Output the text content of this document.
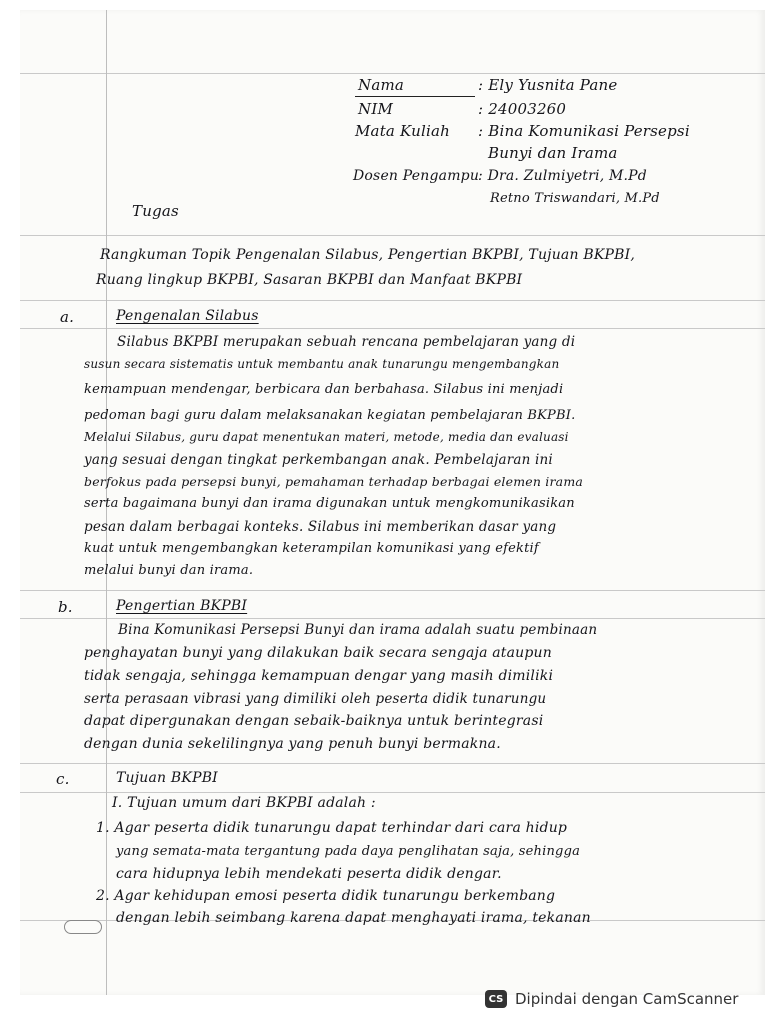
Nama	: Ely Yusnita Pane
NIM	: 24003260
Mata Kuliah : Bina Komunikasi Persepsi
Bunyi dan Irama
Dosen Pengampu
: Dra. Zulmiyetri, M.Pd
Retno Triswandari, M.Pd
Tugas
Rangkuman Topik Pengenalan Silabus, Pengertian BKPBI, Tujuan BKPBI,
Ruang lingkup BKPBI, Sasaran BKPBI dan Manfaat BKPBI
a.	Pengenalan Silabus
Silabus BKPBI merupakan sebuah rencana pembelajaran yang di
susun secara sistematis untuk membantu anak tunarungu mengembangkan
kemampuan mendengar, berbicara dan berbahasa. Silabus ini menjadi
pedoman bagi guru dalam melaksanakan kegiatan pembelajaran BKPBI.
Melalui Silabus, guru dapat menentukan materi, metode, media dan evaluasi
yang sesuai dengan tingkat perkembangan anak. Pembelajaran ini
berfokus pada persepsi bunyi, pemahaman terhadap berbagai elemen irama
serta bagaimana bunyi dan irama digunakan untuk mengkomunikasikan
pesan dalam berbagai konteks. Silabus ini memberikan dasar yang
kuat untuk mengembangkan keterampilan komunikasi yang efektif
melalui bunyi dan irama.
b.	Pengertian BKPBI
Bina Komunikasi Persepsi Bunyi dan irama adalah suatu pembinaan
penghayatan bunyi yang dilakukan baik secara sengaja ataupun
tidak sengaja, sehingga kemampuan dengar yang masih dimiliki
serta perasaan vibrasi yang dimiliki oleh peserta didik tunarungu
dapat dipergunakan dengan sebaik-baiknya untuk berintegrasi
dengan dunia sekelilingnya yang penuh bunyi bermakna.
c.	Tujuan BKPBI
I. Tujuan umum dari BKPBI adalah :
1. Agar peserta didik tunarungu dapat terhindar dari cara hidup
yang semata-mata tergantung pada daya penglihatan saja, sehingga
cara hidupnya lebih mendekati peserta didik dengar.
2. Agar kehidupan emosi peserta didik tunarungu berkembang
dengan lebih seimbang karena dapat menghayati irama, tekanan
CS Dipindai dengan CamScanner
